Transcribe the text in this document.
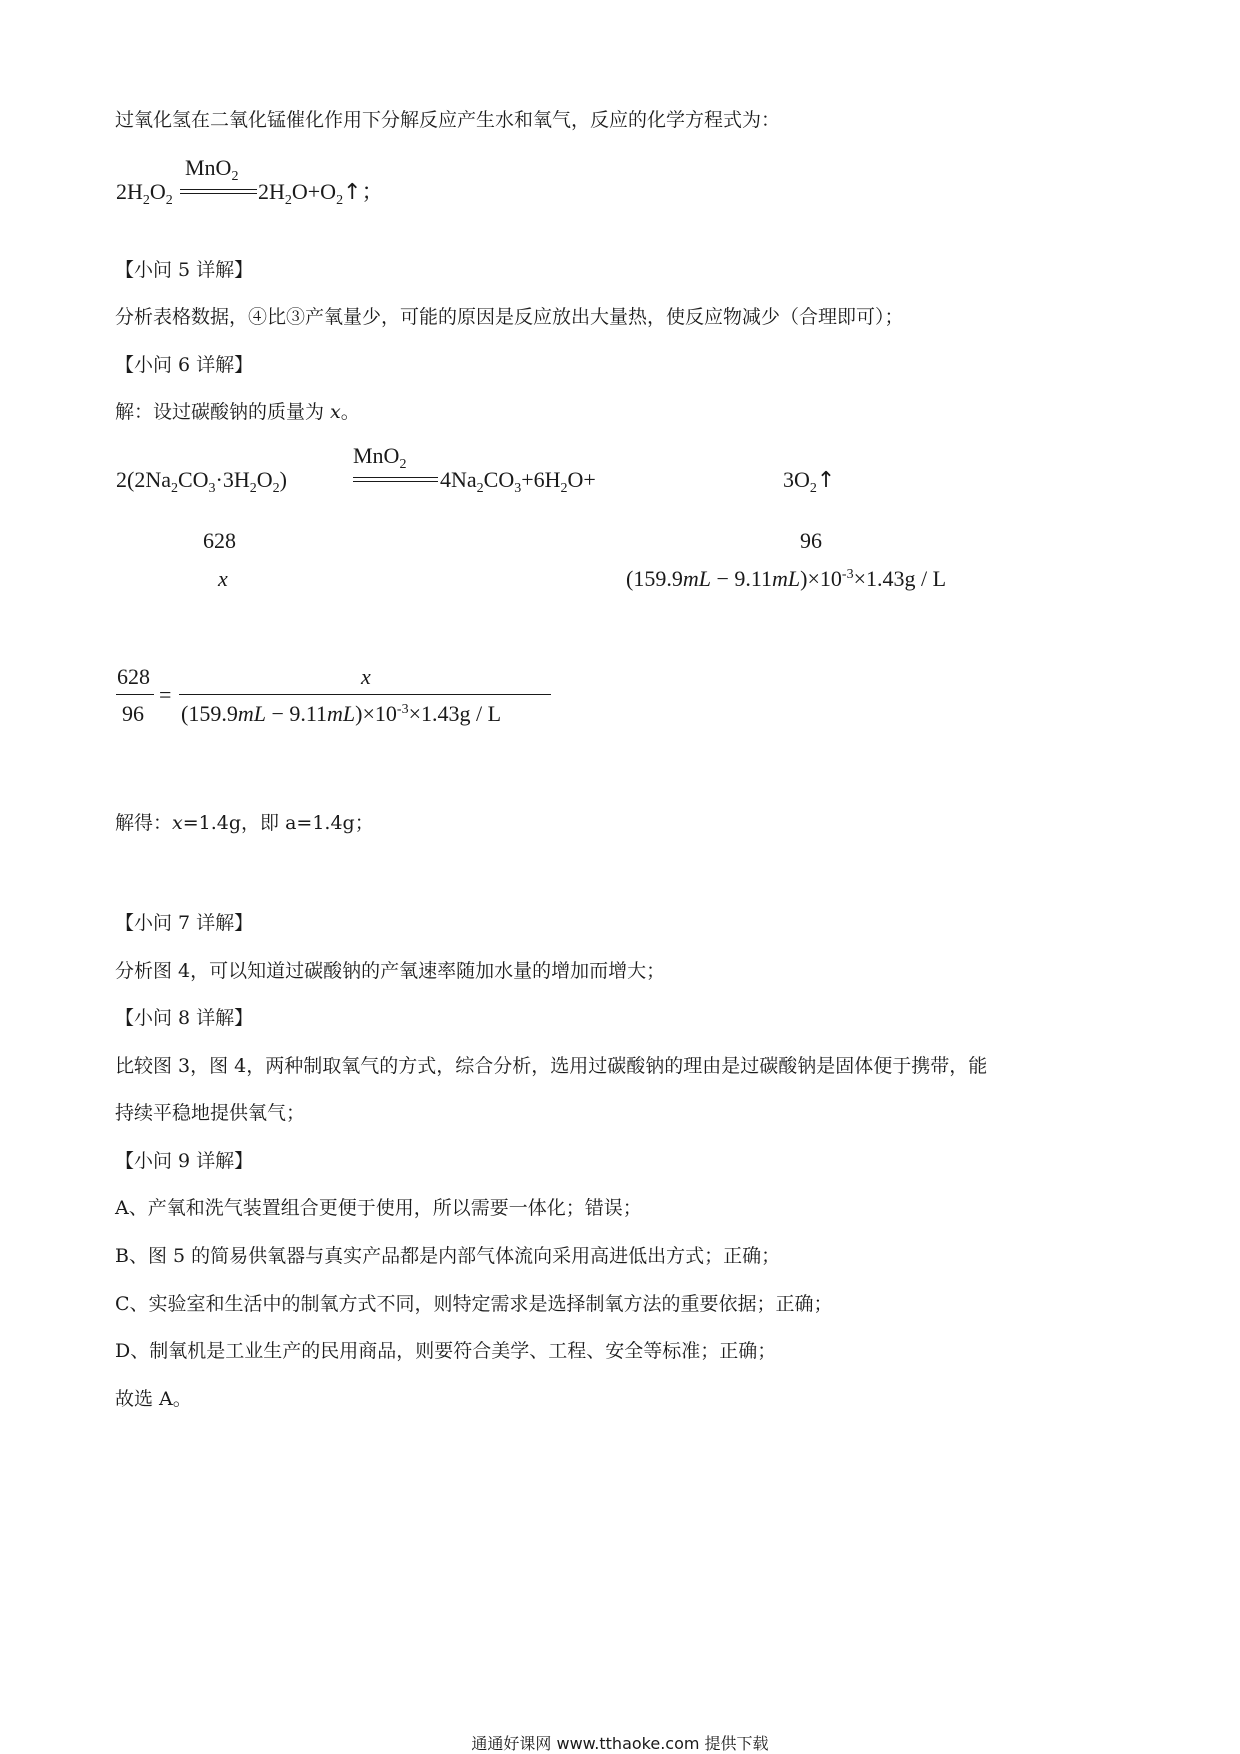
过氧化氢在二氧化锰催化作用下分解反应产生水和氧气，反应的化学方程式为：
MnO$_2$
$2H_2O_2$	$2H_2O+O_2↑$；
【小问 5 详解】
分析表格数据，④比③产氧量少，可能的原因是反应放出大量热，使反应物减少（合理即可）；
【小问 6 详解】
解：设过碳酸钠的质量为 x。
MnO$_2$
$2(2Na_2CO_3\cdot 3H_2O_2)$	$4Na_2CO_3+6H_2O+$	$3O_2↑$
628	96
x	$(159.9mL - 9.11mL)\times 10^{-3}\times 1.43g / L$
628
96
=
x
$(159.9mL - 9.11mL)\times 10^{-3}\times 1.43g / L$
解得：x=1.4g，即 a=1.4g；
【小问 7 详解】
分析图 4，可以知道过碳酸钠的产氧速率随加水量的增加而增大；
【小问 8 详解】
比较图 3，图 4，两种制取氧气的方式，综合分析，选用过碳酸钠的理由是过碳酸钠是固体便于携带，能
持续平稳地提供氧气；
【小问 9 详解】
A、产氧和洗气装置组合更便于使用，所以需要一体化；错误；
B、图 5 的简易供氧器与真实产品都是内部气体流向采用高进低出方式；正确；
C、实验室和生活中的制氧方式不同，则特定需求是选择制氧方法的重要依据；正确；
D、制氧机是工业生产的民用商品，则要符合美学、工程、安全等标准；正确；
故选 A。
通通好课网 www.tthaoke.com 提供下载
